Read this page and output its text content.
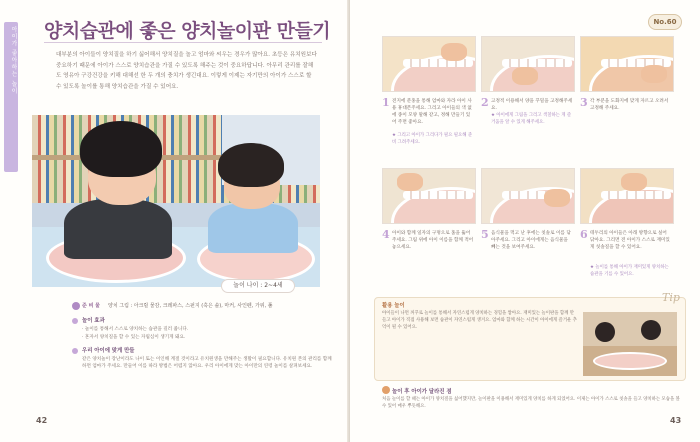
아이가 좋아하는 놀이 양치습관에 좋은 양치놀이판 만들기
대부분의 아이들이 양치질을 하기 싫어해서 양치질을 놀고 엄마와 씨우는 경우가 많아요. 초등은 유치원보다 중요하기 때문에 아이가 스스로 양치습관을 가질 수 있도록 해주는 것이 중요하답니다. 아무리 관리를 잘해도 영유아 구강건강을 키해 대해선 한 두 개의 충치가 생긴대요. 이렇게 이제는 자기만의 아이가 스스로 할 수 있도록 놀이를 통해 양치습관을 가질 수 있어요.
놀이 나이 : 2~4세
준 비 물 양치 그림 : 아크릴 물감, 크레파스, 스펀지 (혹은 솔), 마커, 사인펜, 가위, 풀
놀이 효과
· 놀이를 통해서 스스로 양치하는 습관을 길러 줍니다.
· 혼자서 양치질을 할 수 있는 자립심이 생기게 돼요.
우리 아이에 맞게 만들
같은 양치놀이 장난이라도 나이 또는 이인해 계절 것이라고 유치원생을 만해주는 생활이 필요합니다. 유치원 본의 관리를 함께하면 엄마가 주세요. 만들어 이를 따라 방법은 어렵지 않아요. 우리 아이에게 맞는 아이만의 연령 놀이를 살펴보세요.
42
No.60
1 전지에 분홍을 통해 엄마와 자라 아이 사용 휴대폰주세요. 그리고 아이들의 색 없에 종이 모양 말해 같고, 정해 만들기 있어 주면 좋아요.
★ 그리고 아이가 그리다가 필요 필요해 준비 그려주세요.
2 고정적 이용해서 양을 꾸밀을 고정해주세요.
★ 아이에게 그림을 그리고 색칠하는 게 즐거움을 알 수 있게 해주세요.
3 각 부분을 도화지에 맞게 자르고 오려서 고정해 주세요.
4 아이와 함께 일자의 구멍으로 홈을 뚫어 주세요. 그림 위에 아이 이름을 함께 적어 놓으세요.
5 음식물을 먹고 난 후에는 칫솔로 이를 닦아주세요. 그리고 아이에게는 음식물을 빼는 것을 보여주세요.
6 테두리의 아이들은 아래 방향으로 실어 닦아요. 그리면 전 아이가 스스로 재미있게 칫솔질을 할 수 있어요.
★ 놀이를 통해 아이가 재미있게 양치하는 습관을 기를 수 있어요.
Tip
활용 놀이
아이들이 나면 꺼꾸로 놀이를 통해서 자연스럽게 양치하는 경험을 쌓아요. 재미있는 놀이판을 함께 만들고 아이가 직접 사용해 보면 습관이 자연스럽게 생겨요. 엄마와 함께 하는 시간이 아이에게 즐거운 추억이 될 수 있어요.
놀이 후 아이가 달라진 점
처음 놀이를 할 때는 아이가 양치질을 싫어했지만, 놀이판을 이용해서 재미있게 양치를 하게 되었어요. 이제는 아이가 스스로 칫솔을 들고 양치하는 모습을 볼 수 있어 매우 뿌듯해요.
43
